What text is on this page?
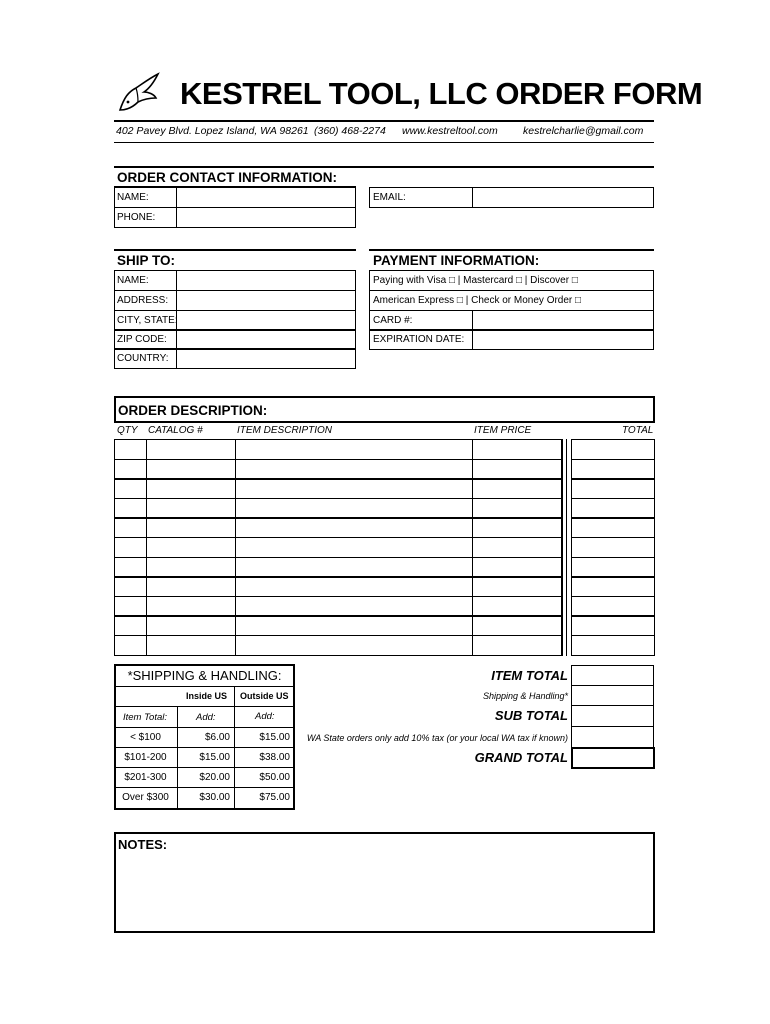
KESTREL TOOL, LLC ORDER FORM
402 Pavey Blvd. Lopez Island, WA 98261 (360) 468-2274 www.kestreltool.com kestrelcharlie@gmail.com
ORDER CONTACT INFORMATION:
NAME:
PHONE:
EMAIL:
SHIP TO:
NAME:
ADDRESS:
CITY, STATE:
ZIP CODE:
COUNTRY:
PAYMENT INFORMATION:
Paying with Visa □ | Mastercard □ | Discover □
American Express □ | Check or Money Order □
CARD #:
EXPIRATION DATE:
ORDER DESCRIPTION:
QTY CATALOG #	ITEM DESCRIPTION	ITEM PRICE	TOTAL
*SHIPPING & HANDLING:
Inside US Outside US
Item Total:	Add:	Add:
< $100	$6.00	$15.00
$101-200	$15.00	$38.00
$201-300	$20.00	$50.00
Over $300	$30.00	$75.00
ITEM TOTAL
Shipping & Handling*
SUB TOTAL
WA State orders only add 10% tax (or your local WA tax if known)
GRAND TOTAL
NOTES:
